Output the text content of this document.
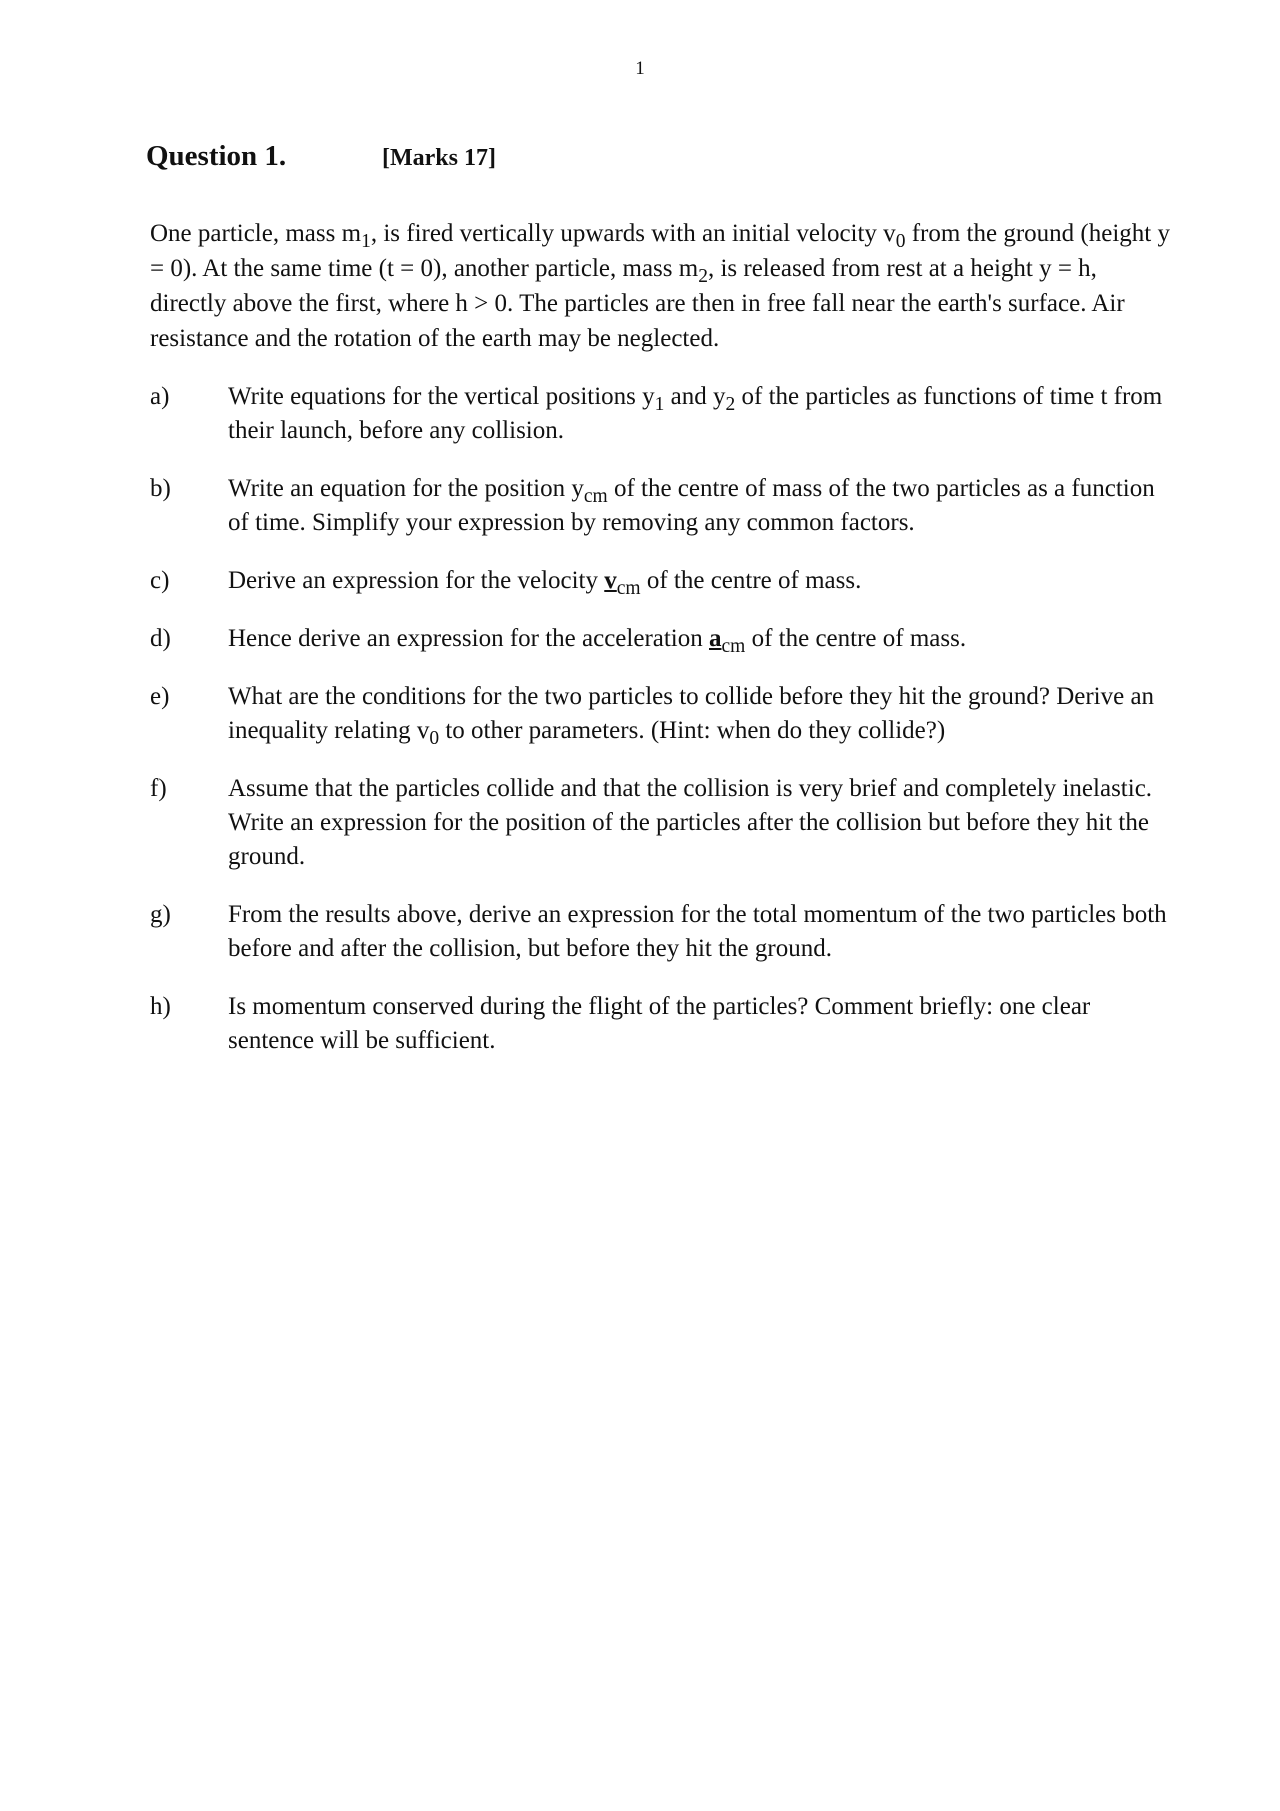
1
Question 1.	[Marks 17]
One particle, mass $m_1$, is fired vertically upwards with an initial velocity $v_0$ from the ground (height y = 0). At the same time (t = 0), another particle, mass $m_2$, is released from rest at a height y = h, directly above the first, where h > 0. The particles are then in free fall near the earth's surface. Air resistance and the rotation of the earth may be neglected.
a)	Write equations for the vertical positions $y_1$ and $y_2$ of the particles as functions of time t from their launch, before any collision.
b)	Write an equation for the position $y_{cm}$ of the centre of mass of the two particles as a function of time. Simplify your expression by removing any common factors.
c)	Derive an expression for the velocity $v_{cm}$ of the centre of mass.
d)	Hence derive an expression for the acceleration $a_{cm}$ of the centre of mass.
e)	What are the conditions for the two particles to collide before they hit the ground? Derive an inequality relating $v_0$ to other parameters. (Hint: when do they collide?)
f)	Assume that the particles collide and that the collision is very brief and completely inelastic. Write an expression for the position of the particles after the collision but before they hit the ground.
g)	From the results above, derive an expression for the total momentum of the two particles both before and after the collision, but before they hit the ground.
h)	Is momentum conserved during the flight of the particles? Comment briefly: one clear sentence will be sufficient.
